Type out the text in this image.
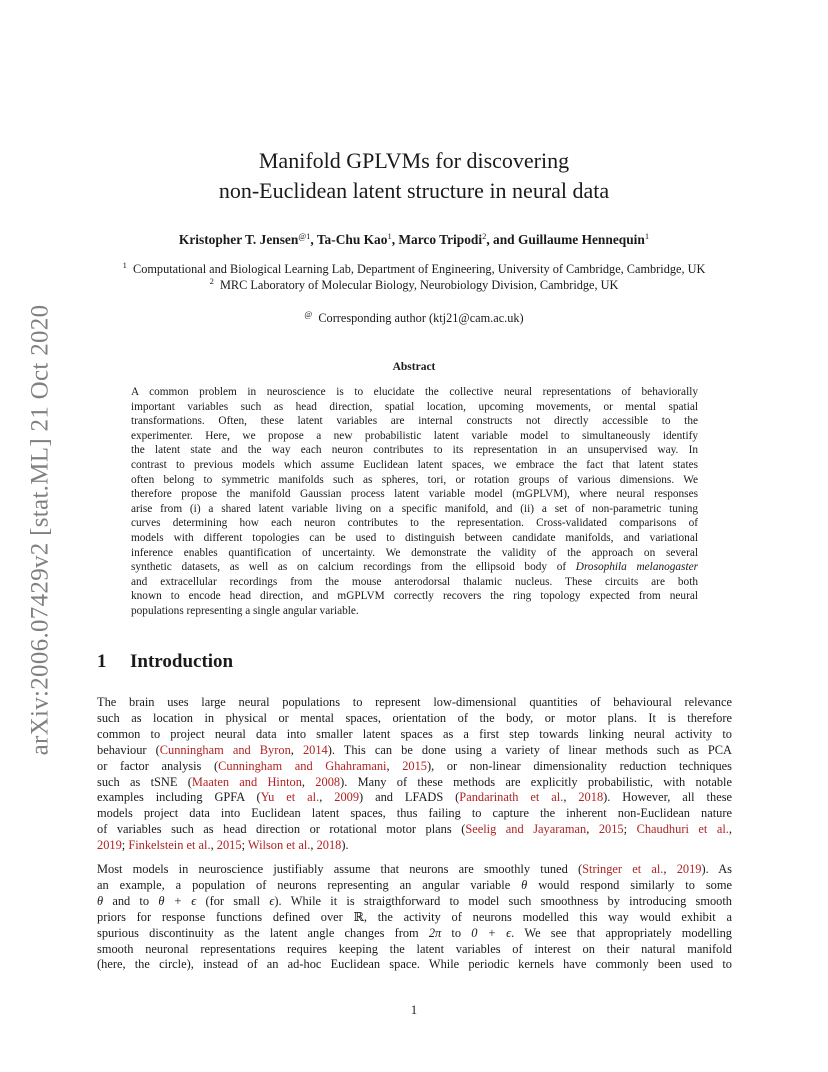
arXiv:2006.07429v2 [stat.ML] 21 Oct 2020
Manifold GPLVMs for discovering
non-Euclidean latent structure in neural data
Kristopher T. Jensen$^{@1}$, Ta-Chu Kao$^1$, Marco Tripodi$^2$, and Guillaume Hennequin$^1$
$^1$ Computational and Biological Learning Lab, Department of Engineering, University of Cambridge, Cambridge, UK
$^2$ MRC Laboratory of Molecular Biology, Neurobiology Division, Cambridge, UK
@ Corresponding author (ktj21@cam.ac.uk)
Abstract
A common problem in neuroscience is to elucidate the collective neural representations of behaviorally
important variables such as head direction, spatial location, upcoming movements, or mental spatial
transformations. Often, these latent variables are internal constructs not directly accessible to the
experimenter. Here, we propose a new probabilistic latent variable model to simultaneously identify
the latent state and the way each neuron contributes to its representation in an unsupervised way. In
contrast to previous models which assume Euclidean latent spaces, we embrace the fact that latent states
often belong to symmetric manifolds such as spheres, tori, or rotation groups of various dimensions. We
therefore propose the manifold Gaussian process latent variable model (mGPLVM), where neural responses
arise from (i) a shared latent variable living on a specific manifold, and (ii) a set of non-parametric tuning
curves determining how each neuron contributes to the representation. Cross-validated comparisons of
models with different topologies can be used to distinguish between candidate manifolds, and variational
inference enables quantification of uncertainty. We demonstrate the validity of the approach on several
synthetic datasets, as well as on calcium recordings from the ellipsoid body of Drosophila melanogaster
and extracellular recordings from the mouse anterodorsal thalamic nucleus. These circuits are both
known to encode head direction, and mGPLVM correctly recovers the ring topology expected from neural
populations representing a single angular variable.
1 Introduction
The brain uses large neural populations to represent low-dimensional quantities of behavioural relevance
such as location in physical or mental spaces, orientation of the body, or motor plans. It is therefore
common to project neural data into smaller latent spaces as a first step towards linking neural activity to
behaviour (Cunningham and Byron, 2014). This can be done using a variety of linear methods such as PCA
or factor analysis (Cunningham and Ghahramani, 2015), or non-linear dimensionality reduction techniques
such as tSNE (Maaten and Hinton, 2008). Many of these methods are explicitly probabilistic, with notable
examples including GPFA (Yu et al., 2009) and LFADS (Pandarinath et al., 2018). However, all these
models project data into Euclidean latent spaces, thus failing to capture the inherent non-Euclidean nature
of variables such as head direction or rotational motor plans (Seelig and Jayaraman, 2015; Chaudhuri et al.,
2019; Finkelstein et al., 2015; Wilson et al., 2018).
Most models in neuroscience justifiably assume that neurons are smoothly tuned (Stringer et al., 2019). As
an example, a population of neurons representing an angular variable θ would respond similarly to some
θ and to θ + ϵ (for small ϵ). While it is straigthforward to model such smoothness by introducing smooth
priors for response functions defined over ℝ, the activity of neurons modelled this way would exhibit a
spurious discontinuity as the latent angle changes from 2π to 0 + ϵ. We see that appropriately modelling
smooth neuronal representations requires keeping the latent variables of interest on their natural manifold
(here, the circle), instead of an ad-hoc Euclidean space. While periodic kernels have commonly been used to
1
